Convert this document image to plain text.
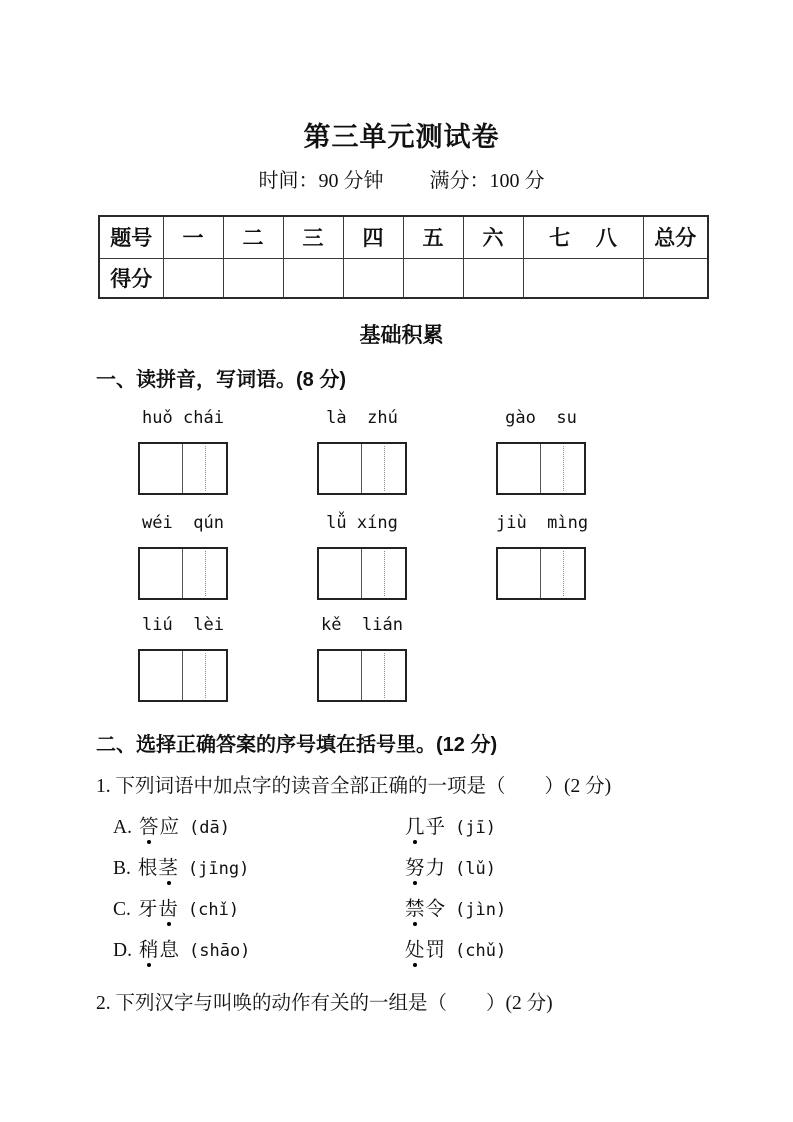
第三单元测试卷
时间：90 分钟 满分：100 分
题号	一	二	三	四	五	六	七 八	总分
得分								
基础积累
一、读拼音，写词语。(8 分)
huǒ chái	là  zhú	gào  su
wéi  qún	lǚ xíng	jiù  mìng
liú  lèi	kě  lián
二、选择正确答案的序号填在括号里。(12 分)
1. 下列词语中加点字的读音全部正确的一项是（　　）(2 分)
A. 答应 (dā)	几乎 (jī)
B. 根茎 (jīng)	努力 (lǔ)
C. 牙齿 (chǐ)	禁令 (jìn)
D. 稍息 (shāo)	处罚 (chǔ)
2. 下列汉字与叫唤的动作有关的一组是（　　）(2 分)
